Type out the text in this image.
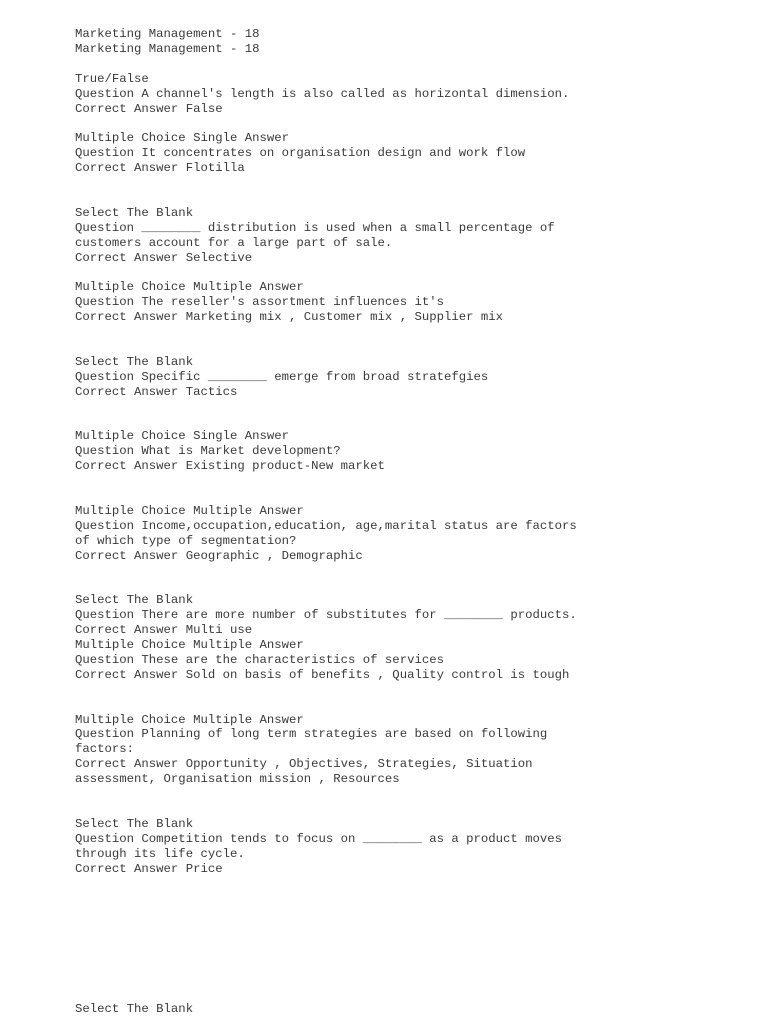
Marketing Management - 18
Marketing Management - 18
True/False
Question A channel's length is also called as horizontal dimension.
Correct Answer False
Multiple Choice Single Answer
Question It concentrates on organisation design and work flow
Correct Answer Flotilla
Select The Blank
Question ________ distribution is used when a small percentage of
customers account for a large part of sale.
Correct Answer Selective
Multiple Choice Multiple Answer
Question The reseller's assortment influences it's
Correct Answer Marketing mix , Customer mix , Supplier mix
Select The Blank
Question Specific ________ emerge from broad stratefgies
Correct Answer Tactics
Multiple Choice Single Answer
Question What is Market development?
Correct Answer Existing product-New market
Multiple Choice Multiple Answer
Question Income,occupation,education, age,marital status are factors
of which type of segmentation?
Correct Answer Geographic , Demographic
Select The Blank
Question There are more number of substitutes for ________ products.
Correct Answer Multi use
Multiple Choice Multiple Answer
Question These are the characteristics of services
Correct Answer Sold on basis of benefits , Quality control is tough
Multiple Choice Multiple Answer
Question Planning of long term strategies are based on following
factors:
Correct Answer Opportunity , Objectives, Strategies, Situation
assessment, Organisation mission , Resources
Select The Blank
Question Competition tends to focus on ________ as a product moves
through its life cycle.
Correct Answer Price
Select The Blank
